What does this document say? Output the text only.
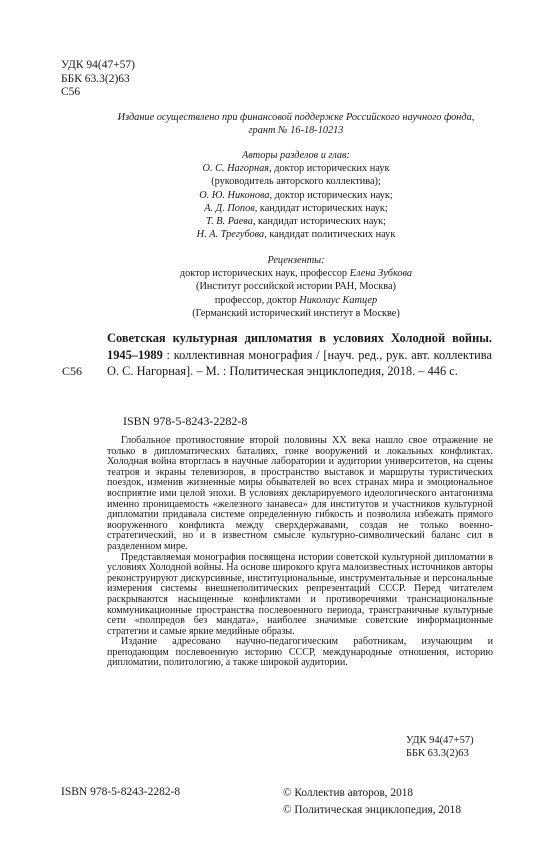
УДК 94(47+57)
ББК 63.3(2)63
С56
Издание осуществлено при финансовой поддержке Российского научного фонда,
грант № 16-18-10213
Авторы разделов и глав:
О. С. Нагорная, доктор исторических наук
(руководитель авторского коллектива);
О. Ю. Никонова, доктор исторических наук;
А. Д. Попов, кандидат исторических наук;
Т. В. Раева, кандидат исторических наук;
Н. А. Трегубова, кандидат политических наук
Рецензенты:
доктор исторических наук, профессор Елена Зубкова
(Институт российской истории РАН, Москва)
профессор, доктор Николаус Катцер
(Германский исторический институт в Москве)
С56
Советская культурная дипломатия в условиях Холодной войны. 1945–1989 : коллективная монография / [науч. ред., рук. авт. коллектива О. С. Нагорная]. – М. : Политическая энциклопедия, 2018. – 446 с.
ISBN 978-5-8243-2282-8

Глобальное противостояние второй половины XX века нашло свое отражение не только в дипломатических баталиях, гонке вооружений и локальных конфликтах. Холодная война вторглась в научные лаборатории и аудитории университетов, на сцены театров и экраны телевизоров, в пространство выставок и маршруты туристических поездок, изменив жизненные миры обывателей во всех странах мира и эмоциональное восприятие ими целой эпохи. В условиях декларируемого идеологического антагонизма именно проницаемость «железного занавеса» для институтов и участников культурной дипломатии придавала системе определенную гибкость и позволила избежать прямого вооруженного конфликта между сверхдержавами, создав не только военно-стратегический, но и в известном смысле культурно-символический баланс сил в разделенном мире.

Представляемая монография посвящена истории советской культурной дипломатии в условиях Холодной войны. На основе широкого круга малоизвестных источников авторы реконструируют дискурсивные, институциональные, инструментальные и персональные измерения системы внешнеполитических репрезентаций СССР. Перед читателем раскрываются насыщенные конфликтами и противоречиями транснациональные коммуникационные пространства послевоенного периода, трансграничные культурные сети «полпредов без мандата», наиболее значимые советские информационные стратегии и самые яркие медийные образы.

Издание адресовано научно-педагогическим работникам, изучающим и преподающим послевоенную историю СССР, международные отношения, историю дипломатии, политологию, а также широкой аудитории.

УДК 94(47+57)
ББК 63.3(2)63
ISBN 978-5-8243-2282-8	© Коллектив авторов, 2018
© Политическая энциклопедия, 2018
